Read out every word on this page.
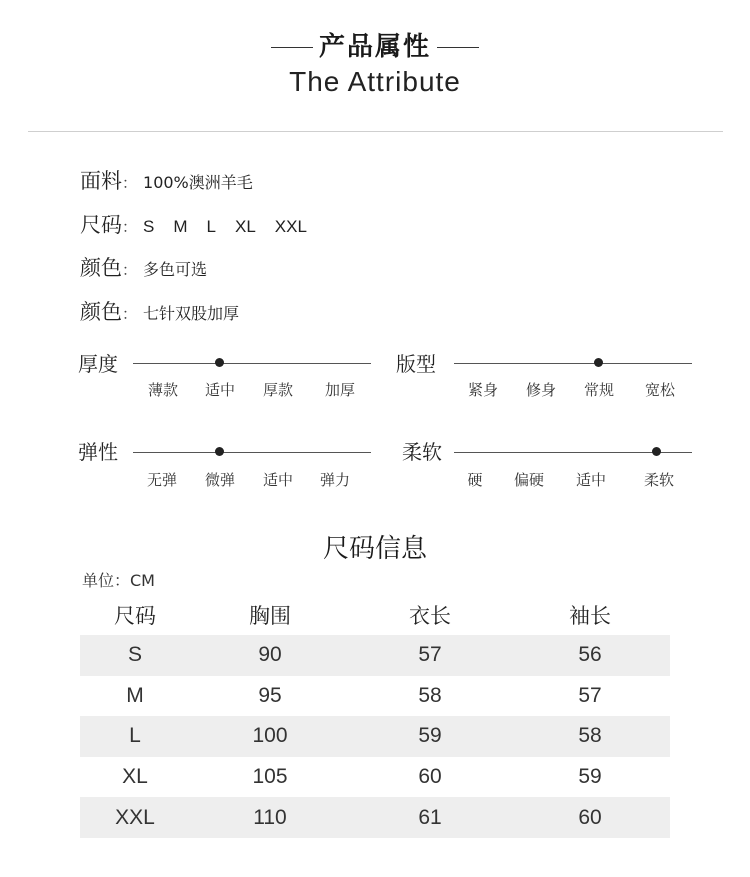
产品属性
The Attribute
面料： 100%澳洲羊毛
尺码： S M L XL XXL
颜色： 多色可选
颜色： 七针双股加厚
厚度
薄款	适中	厚款	加厚
版型
紧身	修身	常规	宽松
弹性
无弹	微弹	适中	弹力
柔软
硬	偏硬	适中	柔软
尺码信息
单位：CM
尺码	胸围	衣长	袖长
S	90	57	56
M	95	58	57
L	100	59	58
XL	105	60	59
XXL	110	61	60
